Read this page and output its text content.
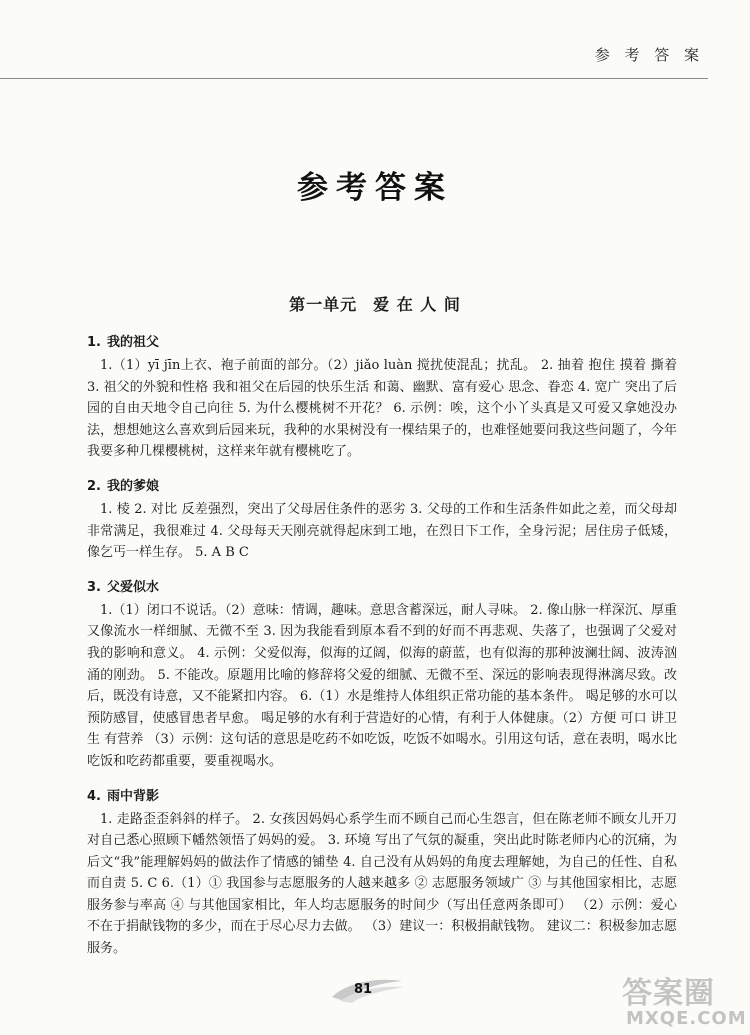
参 考 答 案
参考答案
第一单元 爱 在 人 间
1. 我的祖父

1.（1）yī jīn上衣、袍子前面的部分。（2）jiǎo luàn 搅扰使混乱；扰乱。 2. 抽着 抱住 摸着 撕着 3. 祖父的外貌和性格 我和祖父在后园的快乐生活 和蔼、幽默、富有爱心 思念、眷恋 4. 宽广 突出了后园的自由天地令自己向往 5. 为什么樱桃树不开花？ 6. 示例：唉，这个小丫头真是又可爱又拿她没办法，想想她这么喜欢到后园来玩，我种的水果树没有一棵结果子的，也难怪她要问我这些问题了，今年我要多种几棵樱桃树，这样来年就有樱桃吃了。

2. 我的爹娘

1. 棱 2. 对比 反差强烈，突出了父母居住条件的恶劣 3. 父母的工作和生活条件如此之差，而父母却非常满足，我很难过 4. 父母每天天刚亮就得起床到工地，在烈日下工作，全身污泥；居住房子低矮，像乞丐一样生存。 5. A B C

3. 父爱似水

1.（1）闭口不说话。（2）意味：情调，趣味。意思含蓄深远，耐人寻味。 2. 像山脉一样深沉、厚重 又像流水一样细腻、无微不至 3. 因为我能看到原本看不到的好而不再悲观、失落了，也强调了父爱对我的影响和意义。 4. 示例：父爱似海，似海的辽阔，似海的蔚蓝，也有似海的那种波澜壮阔、波涛汹涌的刚劲。 5. 不能改。原题用比喻的修辞将父爱的细腻、无微不至、深远的影响表现得淋漓尽致。改后，既没有诗意，又不能紧扣内容。 6.（1）水是维持人体组织正常功能的基本条件。 喝足够的水可以预防感冒，使感冒患者早愈。 喝足够的水有利于营造好的心情，有利于人体健康。（2）方便 可口 讲卫生 有营养 （3）示例：这句话的意思是吃药不如吃饭，吃饭不如喝水。引用这句话，意在表明，喝水比吃饭和吃药都重要，要重视喝水。

4. 雨中背影

1. 走路歪歪斜斜的样子。 2. 女孩因妈妈心系学生而不顾自己而心生怨言，但在陈老师不顾女儿开刀对自己悉心照顾下幡然领悟了妈妈的爱。 3. 环境 写出了气氛的凝重，突出此时陈老师内心的沉痛，为后文“我”能理解妈妈的做法作了情感的铺垫 4. 自己没有从妈妈的角度去理解她，为自己的任性、自私而自责 5. C 6.（1）① 我国参与志愿服务的人越来越多 ② 志愿服务领域广 ③ 与其他国家相比，志愿服务参与率高 ④ 与其他国家相比，年人均志愿服务的时间少（写出任意两条即可） （2）示例：爱心不在于捐献钱物的多少，而在于尽心尽力去做。 （3）建议一：积极捐献钱物。 建议二：积极参加志愿服务。

81	答案圈
MXQE.COM
